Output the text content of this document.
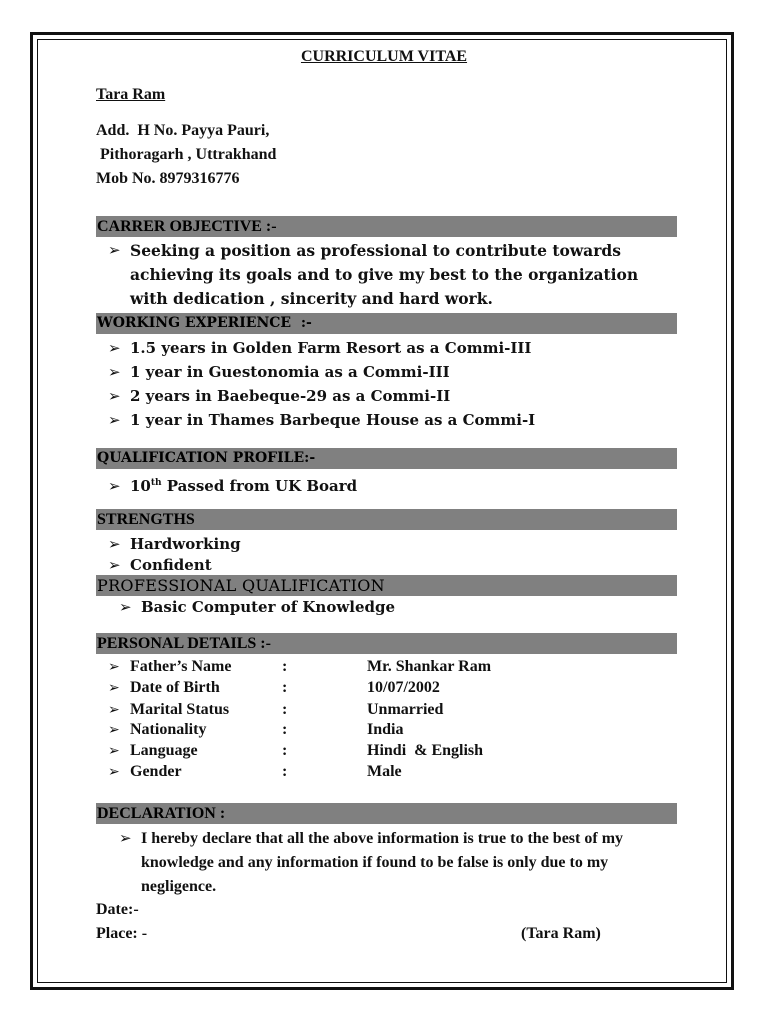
CURRICULUM VITAE
Tara Ram
Add.  H No. Payya Pauri,
Pithoragarh , Uttrakhand
Mob No. 8979316776
CARRER OBJECTIVE :-
➢ Seeking a position as professional to contribute towards achieving its goals and to give my best to the organization with dedication , sincerity and hard work.
WORKING EXPERIENCE  :-
➢ 1.5 years in Golden Farm Resort as a Commi-III
➢ 1 year in Guestonomia as a Commi-III
➢ 2 years in Baebeque-29 as a Commi-II
➢ 1 year in Thames Barbeque House as a Commi-I
QUALIFICATION PROFILE:-
➢ 10th Passed from UK Board
STRENGTHS
➢ Hardworking
➢ Confident
PROFESSIONAL QUALIFICATION
➢ Basic Computer of Knowledge
PERSONAL DETAILS :-
➢ Father’s Name	:	Mr. Shankar Ram
➢ Date of Birth	:	10/07/2002
➢ Marital Status	:	Unmarried
➢ Nationality	:	India
➢ Language	:	Hindi  & English
➢ Gender	:	Male
DECLARATION :
➢ I hereby declare that all the above information is true to the best of my knowledge and any information if found to be false is only due to my negligence.
Date:-
Place: -	(Tara Ram)
